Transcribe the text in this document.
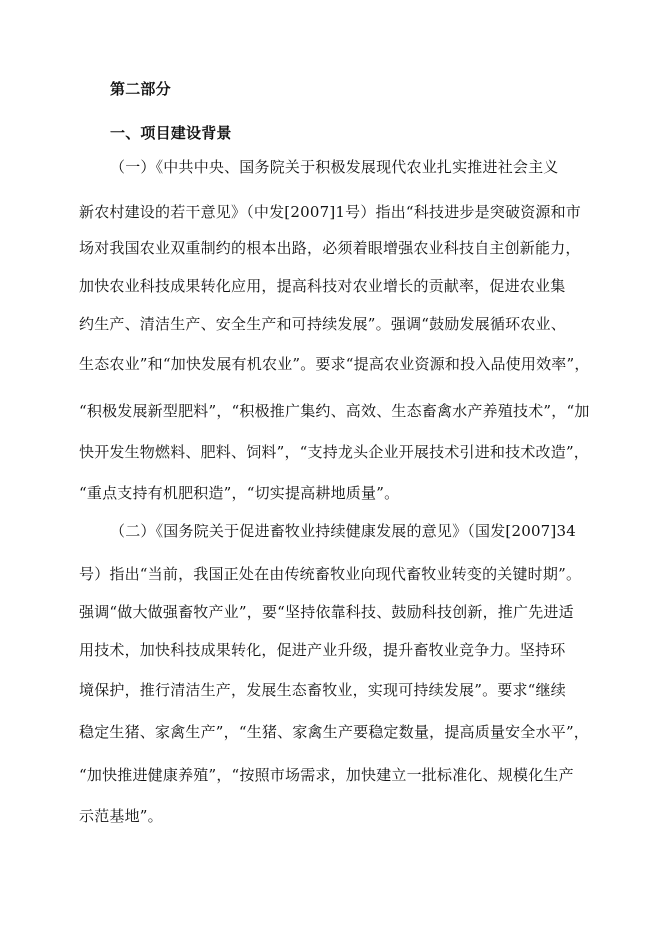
第二部分
一、项目建设背景
（一）《中共中央、国务院关于积极发展现代农业扎实推进社会主义
新农村建设的若干意见》（中发[2007]1号）指出“科技进步是突破资源和市
场对我国农业双重制约的根本出路，必须着眼增强农业科技自主创新能力，
加快农业科技成果转化应用，提高科技对农业增长的贡献率，促进农业集
约生产、清洁生产、安全生产和可持续发展”。强调“鼓励发展循环农业、
生态农业”和“加快发展有机农业”。要求“提高农业资源和投入品使用效率”，
“积极发展新型肥料”，“积极推广集约、高效、生态畜禽水产养殖技术”，“加
快开发生物燃料、肥料、饲料”，“支持龙头企业开展技术引进和技术改造”，
“重点支持有机肥积造”，“切实提高耕地质量”。
（二）《国务院关于促进畜牧业持续健康发展的意见》（国发[2007]34
号）指出“当前，我国正处在由传统畜牧业向现代畜牧业转变的关键时期”。
强调“做大做强畜牧产业”，要“坚持依靠科技、鼓励科技创新，推广先进适
用技术，加快科技成果转化，促进产业升级，提升畜牧业竞争力。坚持环
境保护，推行清洁生产，发展生态畜牧业，实现可持续发展”。要求“继续
稳定生猪、家禽生产”，“生猪、家禽生产要稳定数量，提高质量安全水平”，
“加快推进健康养殖”，“按照市场需求，加快建立一批标准化、规模化生产
示范基地”。
